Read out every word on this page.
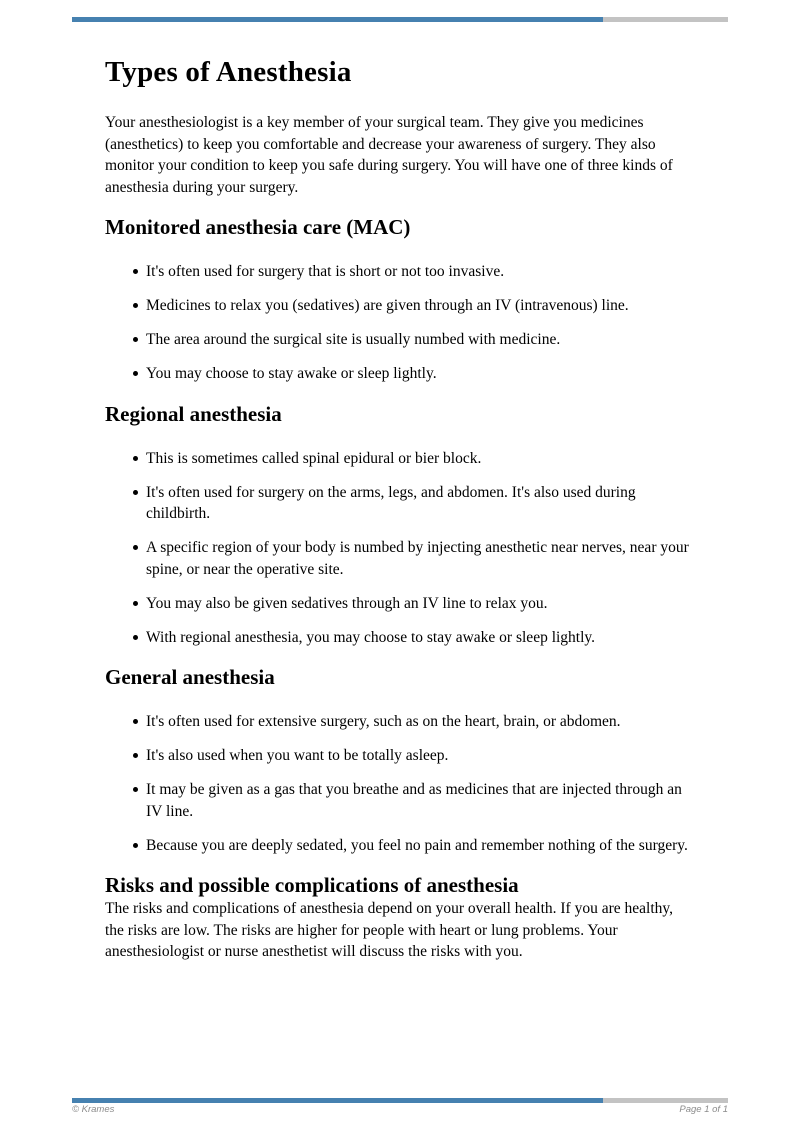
Types of Anesthesia

Your anesthesiologist is a key member of your surgical team. They give you medicines (anesthetics) to keep you comfortable and decrease your awareness of surgery. They also monitor your condition to keep you safe during surgery. You will have one of three kinds of anesthesia during your surgery.

Monitored anesthesia care (MAC)
It's often used for surgery that is short or not too invasive.
Medicines to relax you (sedatives) are given through an IV (intravenous) line.
The area around the surgical site is usually numbed with medicine.
You may choose to stay awake or sleep lightly.
Regional anesthesia
This is sometimes called spinal epidural or bier block.
It's often used for surgery on the arms, legs, and abdomen. It's also used during childbirth.
A specific region of your body is numbed by injecting anesthetic near nerves, near your spine, or near the operative site.
You may also be given sedatives through an IV line to relax you.
With regional anesthesia, you may choose to stay awake or sleep lightly.
General anesthesia
It's often used for extensive surgery, such as on the heart, brain, or abdomen.
It's also used when you want to be totally asleep.
It may be given as a gas that you breathe and as medicines that are injected through an IV line.
Because you are deeply sedated, you feel no pain and remember nothing of the surgery.
Risks and possible complications of anesthesia

The risks and complications of anesthesia depend on your overall health. If you are healthy, the risks are low. The risks are higher for people with heart or lung problems. Your anesthesiologist or nurse anesthetist will discuss the risks with you.

© Krames	Page 1 of 1
